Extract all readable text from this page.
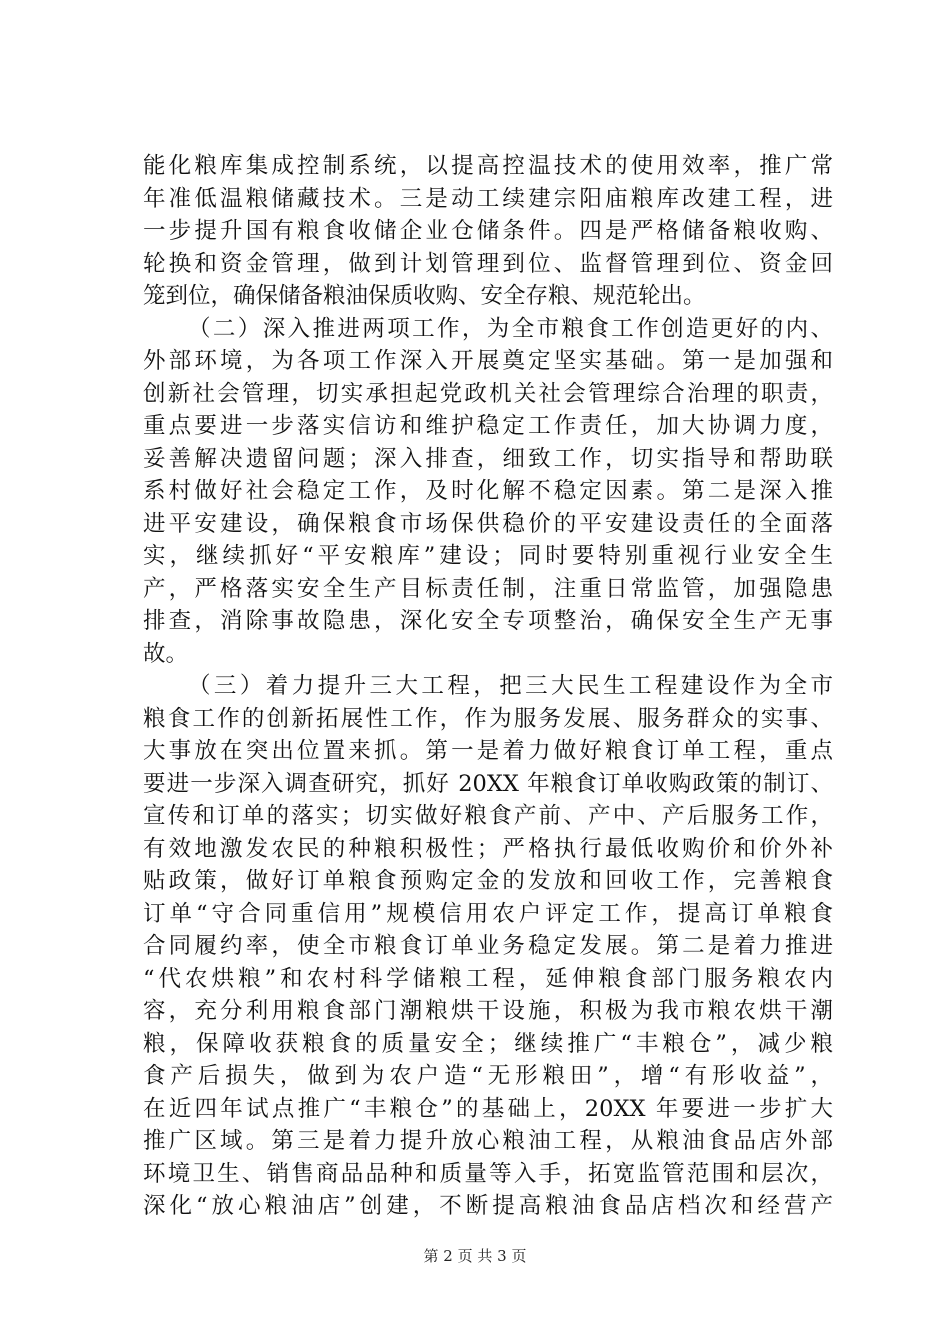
能化粮库集成控制系统，以提高控温技术的使用效率，推广常
年准低温粮储藏技术。三是动工续建宗阳庙粮库改建工程，进
一步提升国有粮食收储企业仓储条件。四是严格储备粮收购、
轮换和资金管理，做到计划管理到位、监督管理到位、资金回
笼到位，确保储备粮油保质收购、安全存粮、规范轮出。
（二）深入推进两项工作，为全市粮食工作创造更好的内、
外部环境，为各项工作深入开展奠定坚实基础。第一是加强和
创新社会管理，切实承担起党政机关社会管理综合治理的职责，
重点要进一步落实信访和维护稳定工作责任，加大协调力度，
妥善解决遗留问题；深入排查，细致工作，切实指导和帮助联
系村做好社会稳定工作，及时化解不稳定因素。第二是深入推
进平安建设，确保粮食市场保供稳价的平安建设责任的全面落
实，继续抓好“平安粮库”建设；同时要特别重视行业安全生
产，严格落实安全生产目标责任制，注重日常监管，加强隐患
排查，消除事故隐患，深化安全专项整治，确保安全生产无事
故。
（三）着力提升三大工程，把三大民生工程建设作为全市
粮食工作的创新拓展性工作，作为服务发展、服务群众的实事、
大事放在突出位置来抓。第一是着力做好粮食订单工程，重点
要进一步深入调查研究，抓好 20XX 年粮食订单收购政策的制订、
宣传和订单的落实；切实做好粮食产前、产中、产后服务工作，
有效地激发农民的种粮积极性；严格执行最低收购价和价外补
贴政策，做好订单粮食预购定金的发放和回收工作，完善粮食
订单“守合同重信用”规模信用农户评定工作，提高订单粮食
合同履约率，使全市粮食订单业务稳定发展。第二是着力推进
“代农烘粮”和农村科学储粮工程，延伸粮食部门服务粮农内
容，充分利用粮食部门潮粮烘干设施，积极为我市粮农烘干潮
粮，保障收获粮食的质量安全；继续推广“丰粮仓”，减少粮
食产后损失，做到为农户造“无形粮田”，增“有形收益”，
在近四年试点推广“丰粮仓”的基础上，20XX 年要进一步扩大
推广区域。第三是着力提升放心粮油工程，从粮油食品店外部
环境卫生、销售商品品种和质量等入手，拓宽监管范围和层次，
深化“放心粮油店”创建，不断提高粮油食品店档次和经营产
第 2 页 共 3 页
